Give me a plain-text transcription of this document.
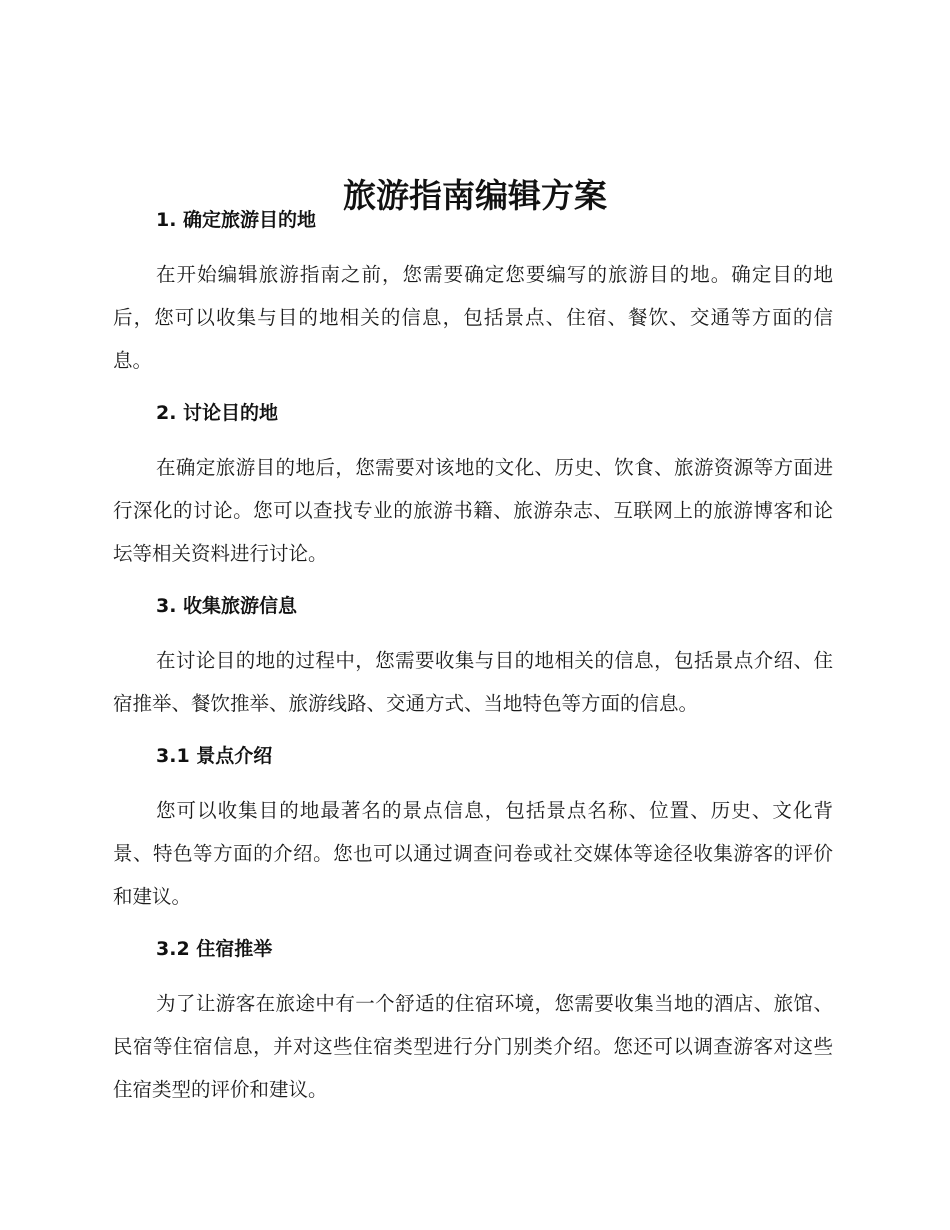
旅游指南编辑方案
1. 确定旅游目的地

在开始编辑旅游指南之前，您需要确定您要编写的旅游目的地。确定目的地后，您可以收集与目的地相关的信息，包括景点、住宿、餐饮、交通等方面的信息。

2. 讨论目的地

在确定旅游目的地后，您需要对该地的文化、历史、饮食、旅游资源等方面进行深化的讨论。您可以查找专业的旅游书籍、旅游杂志、互联网上的旅游博客和论坛等相关资料进行讨论。

3. 收集旅游信息

在讨论目的地的过程中，您需要收集与目的地相关的信息，包括景点介绍、住宿推举、餐饮推举、旅游线路、交通方式、当地特色等方面的信息。

3.1 景点介绍

您可以收集目的地最著名的景点信息，包括景点名称、位置、历史、文化背景、特色等方面的介绍。您也可以通过调查问卷或社交媒体等途径收集游客的评价和建议。

3.2 住宿推举

为了让游客在旅途中有一个舒适的住宿环境，您需要收集当地的酒店、旅馆、民宿等住宿信息，并对这些住宿类型进行分门别类介绍。您还可以调查游客对这些住宿类型的评价和建议。
